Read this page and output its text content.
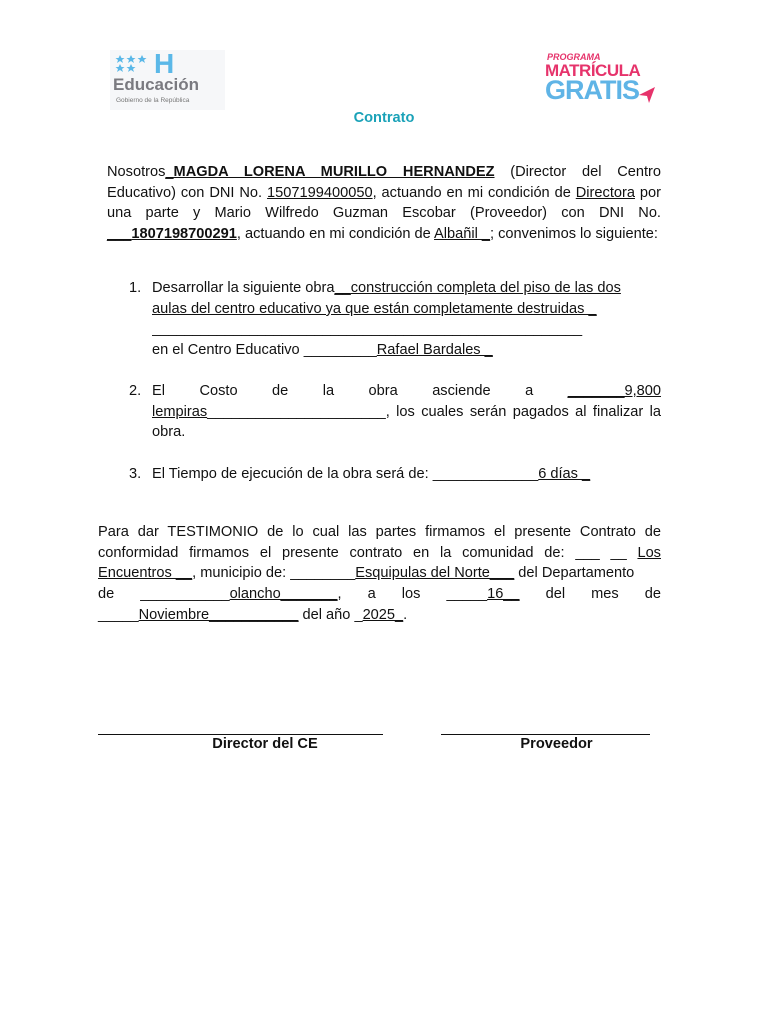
H
Educación
Gobierno de la República
PROGRAMA
MATRÍCULA
GRATIS
Contrato

Nosotros_MAGDA LORENA MURILLO HERNANDEZ (Director del Centro Educativo) con DNI No. 1507199400050, actuando en mi condición de Directora por una parte y Mario Wilfredo Guzman Escobar (Proveedor) con DNI No. ___1807198700291, actuando en mi condición de Albañil _; convenimos lo siguiente:

1. Desarrollar la siguiente obra__construcción completa del piso de las dos
aulas del centro educativo ya que están completamente destruidas _
_____________________________________________________
en el Centro Educativo _________Rafael Bardales _
2. El Costo de la obra asciende a _______9,800
lempiras______________________, los cuales serán pagados al finalizar la obra.
3. El Tiempo de ejecución de la obra será de: _____________6 días _

Para dar TESTIMONIO de lo cual las partes firmamos el presente Contrato de conformidad firmamos el presente contrato en la comunidad de: ___ __ Los Encuentros __, municipio de: ________Esquipulas del Norte___ del Departamento

de ___________olancho_______, a los _____16__ del mes de
_____Noviembre___________ del año _2025_.
Director del CE	Proveedor
